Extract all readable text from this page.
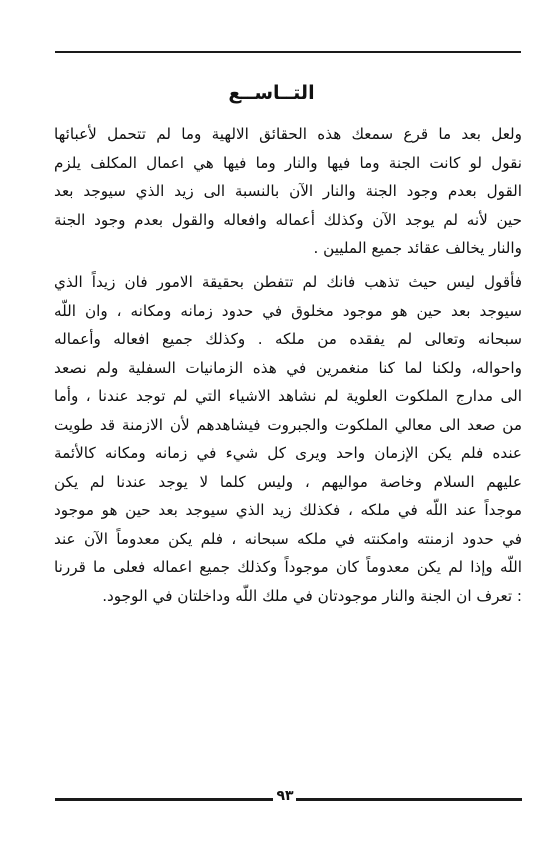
التــاســع
ولعل بعد ما قرع سمعك هذه الحقائق الالهية وما لم تتحمل لأعبائها
نقول لو كانت الجنة وما فيها والنار وما فيها هي اعمال المكلف يلزم
القول بعدم وجود الجنة والنار الآن بالنسبة الى زيد الذي سيوجد بعد
حين لأنه لم يوجد الآن وكذلك أعماله وافعاله والقول بعدم وجود الجنة
والنار يخالف عقائد جميع المليين .
فأقول ليس حيث تذهب فانك لم تتفطن بحقيقة الامور فان زيداً الذي
سيوجد بعد حين هو موجود مخلوق في حدود زمانه ومكانه ، وان اللّه
سبحانه وتعالى لم يفقده من ملكه . وكذلك جميع افعاله وأعماله
واحواله، ولكنا لما كنا منغمرين في هذه الزمانيات السفلية ولم نصعد
الى مدارج الملكوت العلوية لم نشاهد الاشياء التي لم توجد عندنا ، وأما
من صعد الى معالي الملكوت والجبروت فيشاهدهم لأن الازمنة قد طويت
عنده فلم يكن الإزمان واحد ويرى كل شيء في زمانه ومكانه كالأئمة
عليهم السلام وخاصة مواليهم ، وليس كلما لا يوجد عندنا لم يكن
موجداً عند اللّه في ملكه ، فكذلك زيد الذي سيوجد بعد حين هو موجود
في حدود ازمنته وامكنته في ملكه سبحانه ، فلم يكن معدوماً الآن عند
اللّه وإذا لم يكن معدوماً كان موجوداً وكذلك جميع اعماله فعلى ما قررنا
: تعرف ان الجنة والنار موجودتان في ملك اللّه وداخلتان في الوجود.
٩٣
